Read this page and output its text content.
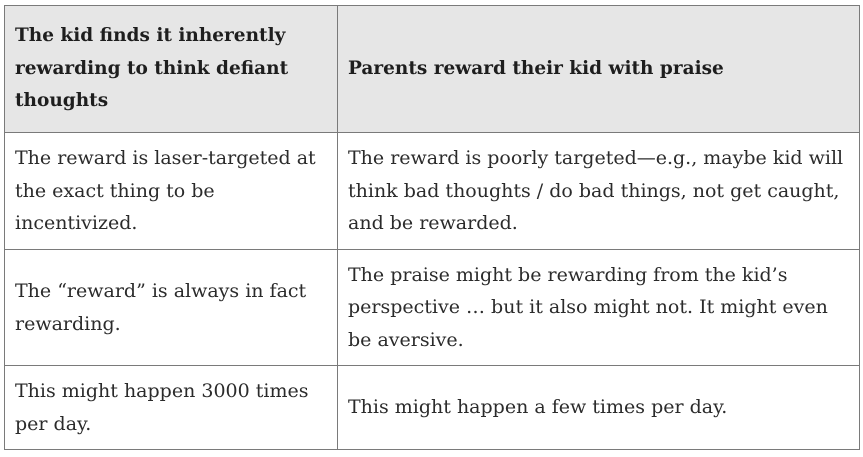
The kid finds it inherently rewarding to think defiant thoughts	Parents reward their kid with praise
The reward is laser-targeted at the exact thing to be incentivized.	The reward is poorly targeted—e.g., maybe kid will think bad thoughts / do bad things, not get caught, and be rewarded.
The “reward” is always in fact rewarding.	The praise might be rewarding from the kid’s perspective … but it also might not. It might even be aversive.
This might happen 3000 times per day.	This might happen a few times per day.
